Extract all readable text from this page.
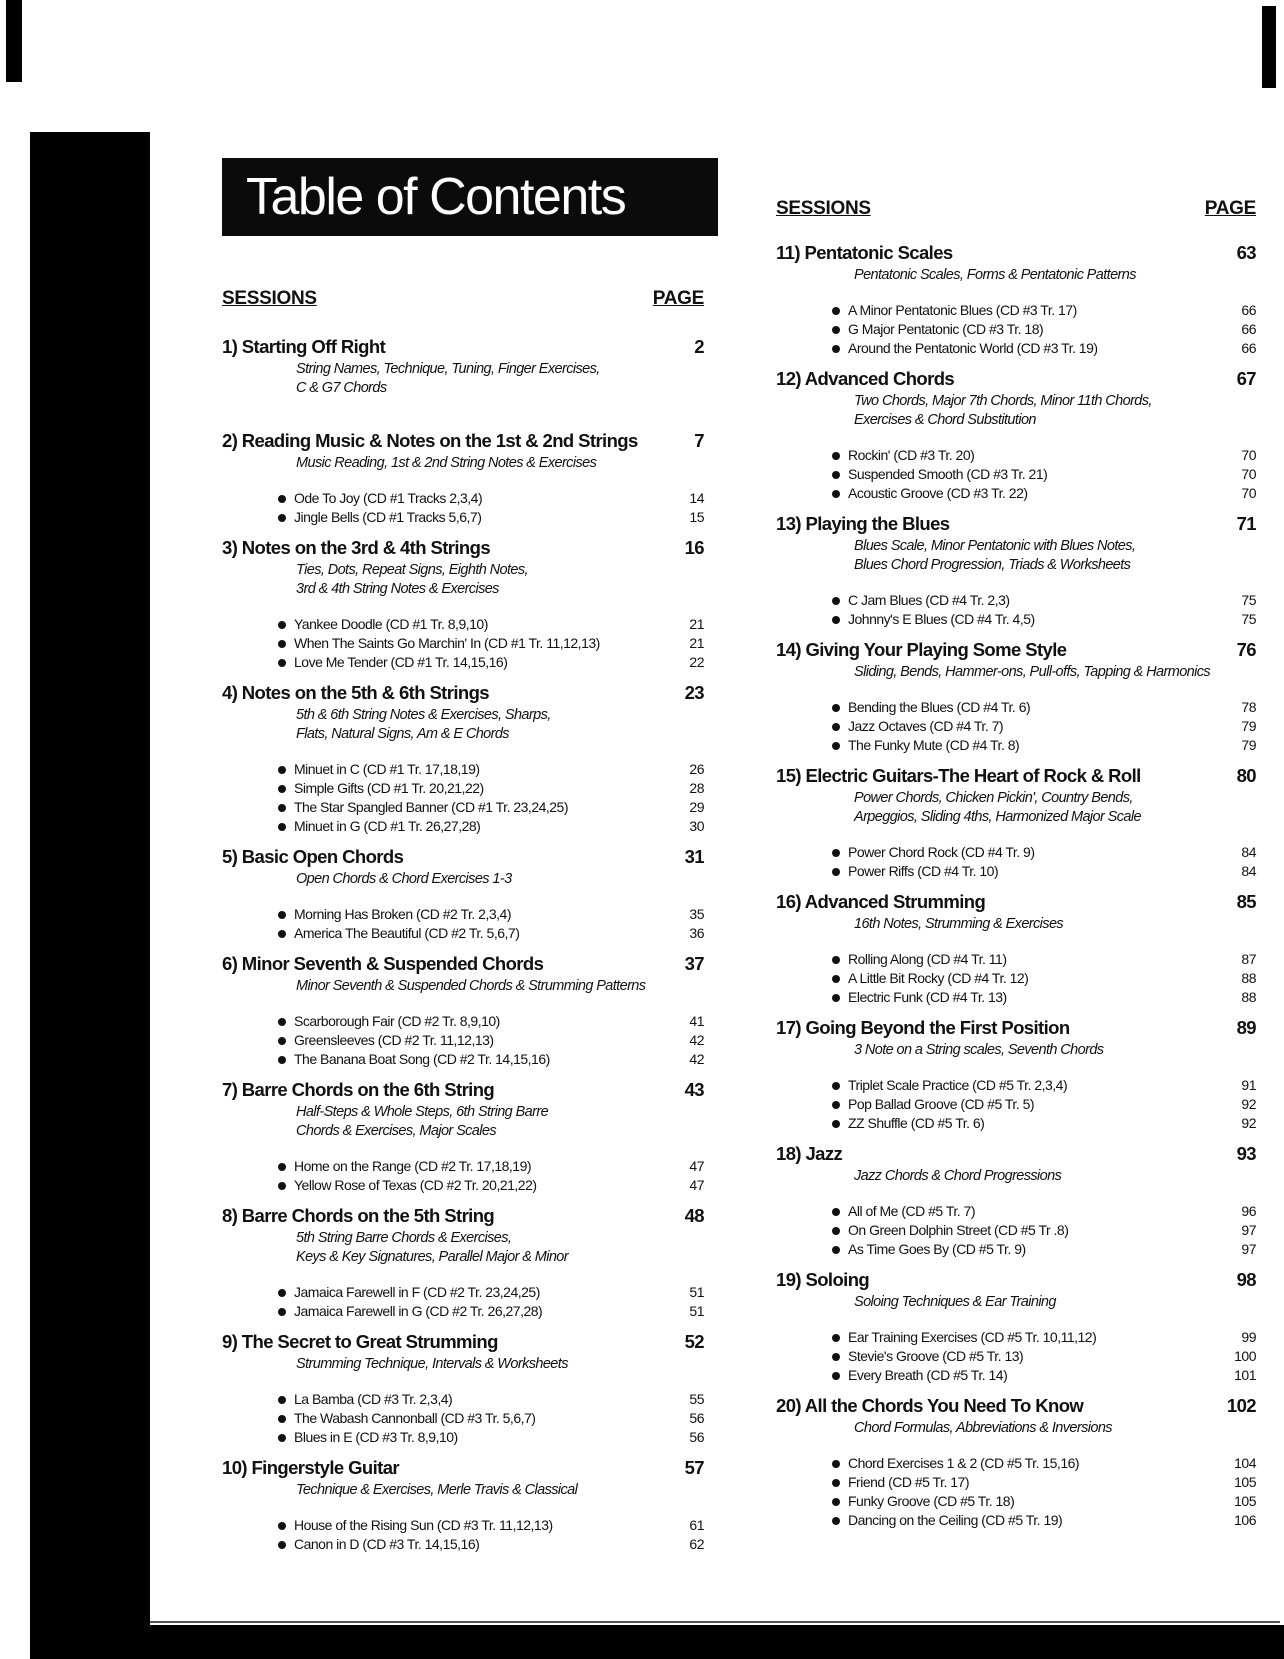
Table of Contents
SESSIONS	PAGE
1) Starting Off Right	2
String Names, Technique, Tuning, Finger Exercises,
C & G7 Chords
2) Reading Music & Notes on the 1st & 2nd Strings	7
Music Reading, 1st & 2nd String Notes & Exercises
Ode To Joy (CD #1 Tracks 2,3,4)	14
Jingle Bells (CD #1 Tracks 5,6,7)	15
3) Notes on the 3rd & 4th Strings	16
Ties, Dots, Repeat Signs, Eighth Notes,
3rd & 4th String Notes & Exercises
Yankee Doodle (CD #1 Tr. 8,9,10)	21
When The Saints Go Marchin' In (CD #1 Tr. 11,12,13)	21
Love Me Tender (CD #1 Tr. 14,15,16)	22
4) Notes on the 5th & 6th Strings	23
5th & 6th String Notes & Exercises, Sharps,
Flats, Natural Signs, Am & E Chords
Minuet in C (CD #1 Tr. 17,18,19)	26
Simple Gifts (CD #1 Tr. 20,21,22)	28
The Star Spangled Banner (CD #1 Tr. 23,24,25)	29
Minuet in G (CD #1 Tr. 26,27,28)	30
5) Basic Open Chords	31
Open Chords & Chord Exercises 1-3
Morning Has Broken (CD #2 Tr. 2,3,4)	35
America The Beautiful (CD #2 Tr. 5,6,7)	36
6) Minor Seventh & Suspended Chords	37
Minor Seventh & Suspended Chords & Strumming Patterns
Scarborough Fair (CD #2 Tr. 8,9,10)	41
Greensleeves (CD #2 Tr. 11,12,13)	42
The Banana Boat Song (CD #2 Tr. 14,15,16)	42
7) Barre Chords on the 6th String	43
Half-Steps & Whole Steps, 6th String Barre
Chords & Exercises, Major Scales
Home on the Range (CD #2 Tr. 17,18,19)	47
Yellow Rose of Texas (CD #2 Tr. 20,21,22)	47
8) Barre Chords on the 5th String	48
5th String Barre Chords & Exercises,
Keys & Key Signatures, Parallel Major & Minor
Jamaica Farewell in F (CD #2 Tr. 23,24,25)	51
Jamaica Farewell in G (CD #2 Tr. 26,27,28)	51
9) The Secret to Great Strumming	52
Strumming Technique, Intervals & Worksheets
La Bamba (CD #3 Tr. 2,3,4)	55
The Wabash Cannonball (CD #3 Tr. 5,6,7)	56
Blues in E (CD #3 Tr. 8,9,10)	56
10) Fingerstyle Guitar	57
Technique & Exercises, Merle Travis & Classical
House of the Rising Sun (CD #3 Tr. 11,12,13)	61
Canon in D (CD #3 Tr. 14,15,16)	62
SESSIONS	PAGE
11) Pentatonic Scales	63
Pentatonic Scales, Forms & Pentatonic Patterns
A Minor Pentatonic Blues (CD #3 Tr. 17)	66
G Major Pentatonic (CD #3 Tr. 18)	66
Around the Pentatonic World (CD #3 Tr. 19)	66
12) Advanced Chords	67
Two Chords, Major 7th Chords, Minor 11th Chords,
Exercises & Chord Substitution
Rockin' (CD #3 Tr. 20)	70
Suspended Smooth (CD #3 Tr. 21)	70
Acoustic Groove (CD #3 Tr. 22)	70
13) Playing the Blues	71
Blues Scale, Minor Pentatonic with Blues Notes,
Blues Chord Progression, Triads & Worksheets
C Jam Blues (CD #4 Tr. 2,3)	75
Johnny's E Blues (CD #4 Tr. 4,5)	75
14) Giving Your Playing Some Style	76
Sliding, Bends, Hammer-ons, Pull-offs, Tapping & Harmonics
Bending the Blues (CD #4 Tr. 6)	78
Jazz Octaves (CD #4 Tr. 7)	79
The Funky Mute (CD #4 Tr. 8)	79
15) Electric Guitars-The Heart of Rock & Roll	80
Power Chords, Chicken Pickin', Country Bends,
Arpeggios, Sliding 4ths, Harmonized Major Scale
Power Chord Rock (CD #4 Tr. 9)	84
Power Riffs (CD #4 Tr. 10)	84
16) Advanced Strumming	85
16th Notes, Strumming & Exercises
Rolling Along (CD #4 Tr. 11)	87
A Little Bit Rocky (CD #4 Tr. 12)	88
Electric Funk (CD #4 Tr. 13)	88
17) Going Beyond the First Position	89
3 Note on a String scales, Seventh Chords
Triplet Scale Practice (CD #5 Tr. 2,3,4)	91
Pop Ballad Groove (CD #5 Tr. 5)	92
ZZ Shuffle (CD #5 Tr. 6)	92
18) Jazz	93
Jazz Chords & Chord Progressions
All of Me (CD #5 Tr. 7)	96
On Green Dolphin Street (CD #5 Tr .8)	97
As Time Goes By (CD #5 Tr. 9)	97
19) Soloing	98
Soloing Techniques & Ear Training
Ear Training Exercises (CD #5 Tr. 10,11,12)	99
Stevie's Groove (CD #5 Tr. 13)	100
Every Breath (CD #5 Tr. 14)	101
20) All the Chords You Need To Know	102
Chord Formulas, Abbreviations & Inversions
Chord Exercises 1 & 2 (CD #5 Tr. 15,16)	104
Friend (CD #5 Tr. 17)	105
Funky Groove (CD #5 Tr. 18)	105
Dancing on the Ceiling (CD #5 Tr. 19)	106
